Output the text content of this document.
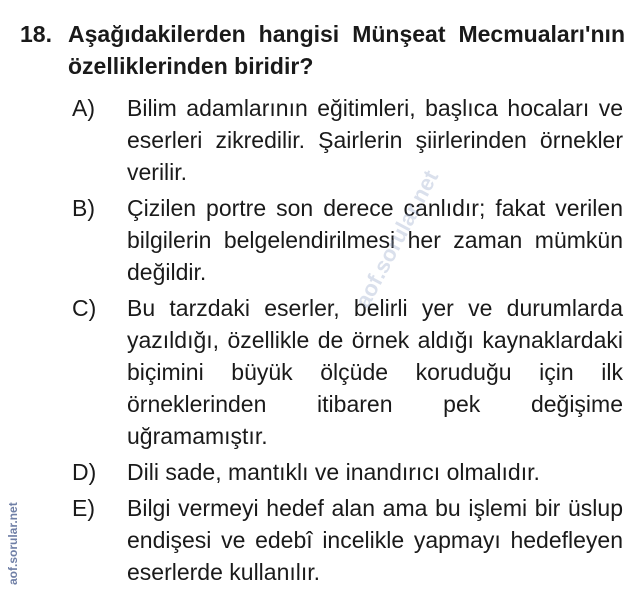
18. Aşağıdakilerden hangisi Münşeat Mecmuaları'nın özelliklerinden biridir?
A)	Bilim adamlarının eğitimleri, başlıca hocaları ve eserleri zikredilir. Şairlerin şiirlerinden örnekler verilir.
B)	Çizilen portre son derece canlıdır; fakat verilen bilgilerin belgelendirilmesi her zaman mümkün değildir.
C)	Bu tarzdaki eserler, belirli yer ve durumlarda yazıldığı, özellikle de örnek aldığı kaynaklardaki biçimini büyük ölçüde koruduğu için ilk örneklerinden itibaren pek değişime uğramamıştır.
D)	Dili sade, mantıklı ve inandırıcı olmalıdır.
E)	Bilgi vermeyi hedef alan ama bu işlemi bir üslup endişesi ve edebî incelikle yapmayı hedefleyen eserlerde kullanılır.
aof.sorular.net
aof.sorular.net
